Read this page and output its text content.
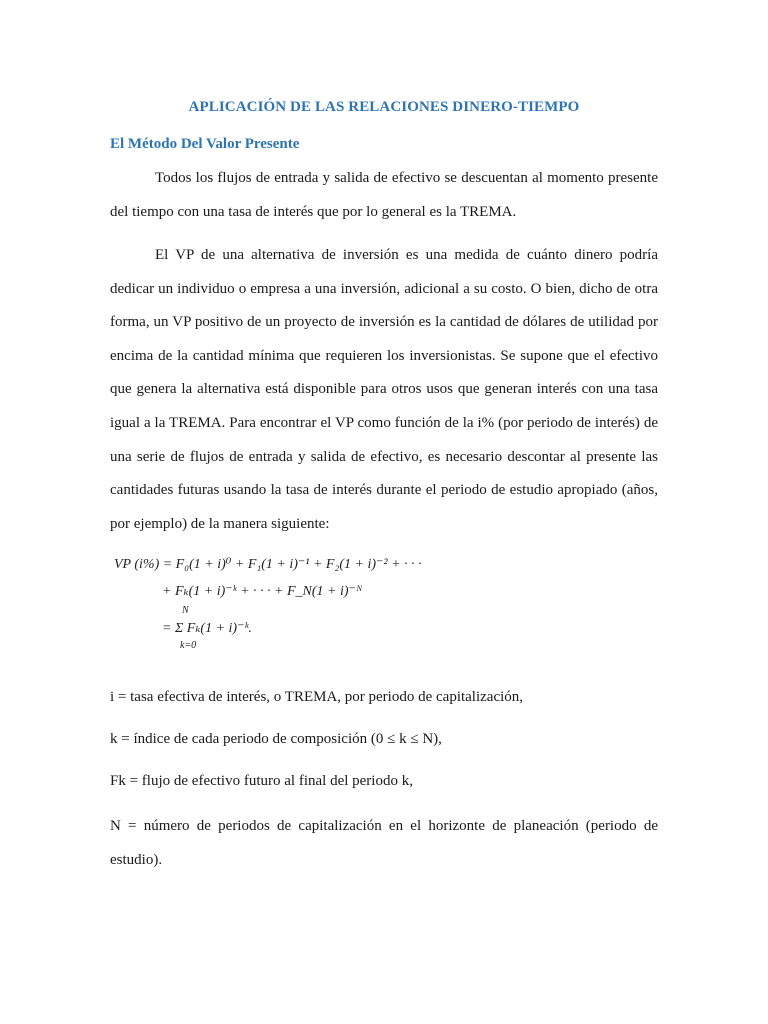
APLICACIÓN DE LAS RELACIONES DINERO-TIEMPO
El Método Del Valor Presente

Todos los flujos de entrada y salida de efectivo se descuentan al momento presente del tiempo con una tasa de interés que por lo general es la TREMA.

El VP de una alternativa de inversión es una medida de cuánto dinero podría dedicar un individuo o empresa a una inversión, adicional a su costo. O bien, dicho de otra forma, un VP positivo de un proyecto de inversión es la cantidad de dólares de utilidad por encima de la cantidad mínima que requieren los inversionistas. Se supone que el efectivo que genera la alternativa está disponible para otros usos que generan interés con una tasa igual a la TREMA. Para encontrar el VP como función de la i% (por periodo de interés) de una serie de flujos de entrada y salida de efectivo, es necesario descontar al presente las cantidades futuras usando la tasa de interés durante el periodo de estudio apropiado (años, por ejemplo) de la manera siguiente:

VP (i%) = F₀(1 + i)⁰ + F₁(1 + i)⁻¹ + F₂(1 + i)⁻² + · · ·
+ Fₖ(1 + i)⁻ᵏ + · · · + F_N(1 + i)⁻ᴺ
= Σ Fₖ(1 + i)⁻ᵏ.
N
k=0

i = tasa efectiva de interés, o TREMA, por periodo de capitalización,

k = índice de cada periodo de composición (0 ≤ k ≤ N),

Fk = flujo de efectivo futuro al final del periodo k,

N = número de periodos de capitalización en el horizonte de planeación (periodo de estudio).
